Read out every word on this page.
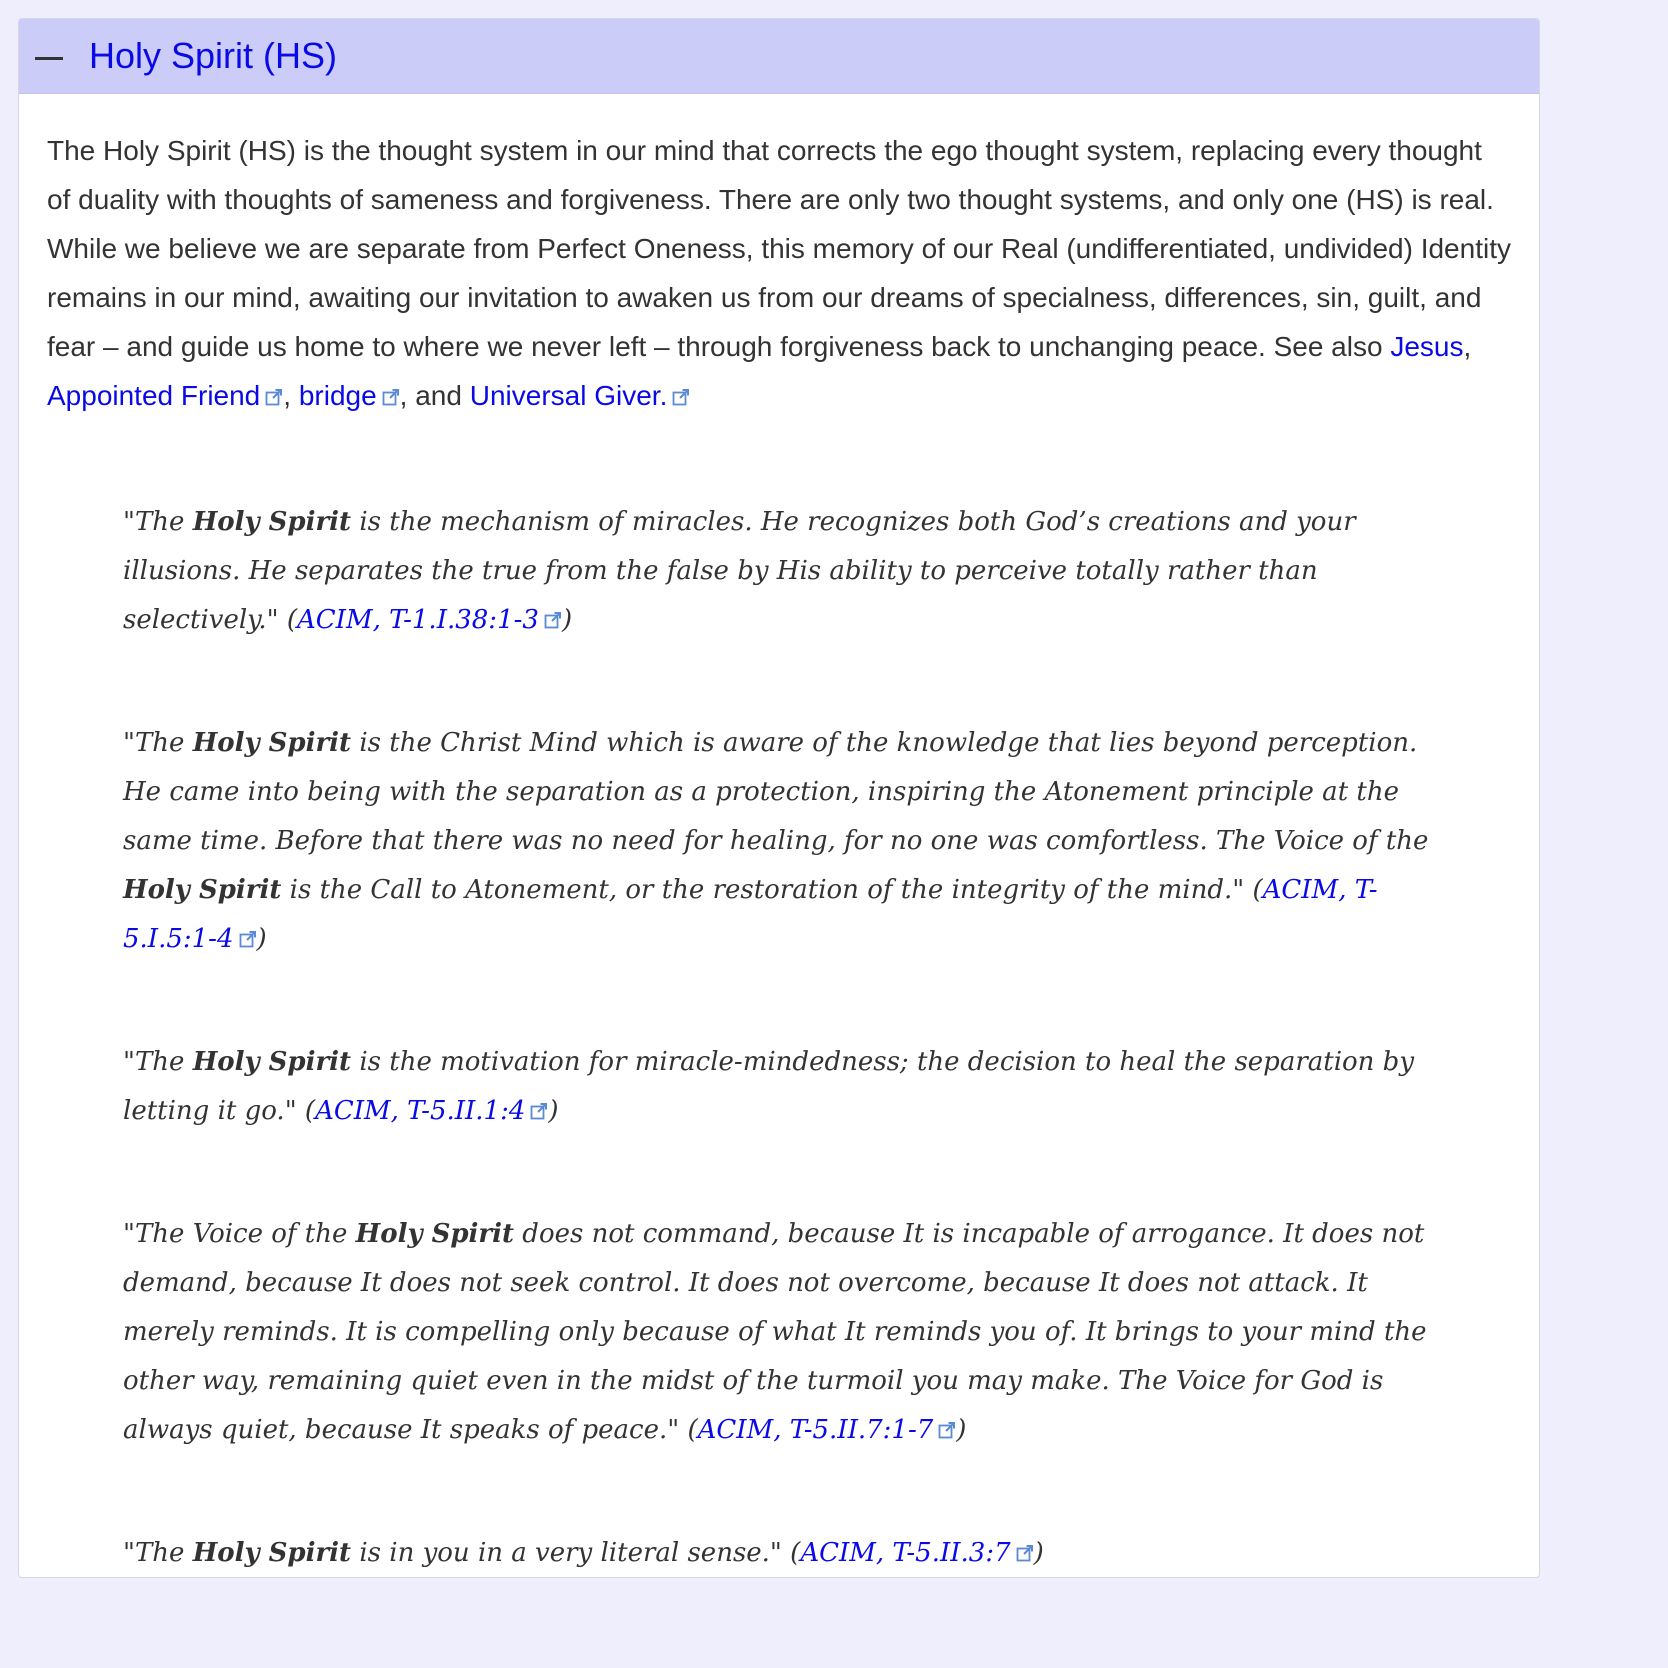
Holy Spirit (HS)

The Holy Spirit (HS) is the thought system in our mind that corrects the ego thought system, replacing every thought of duality with thoughts of sameness and forgiveness. There are only two thought systems, and only one (HS) is real. While we believe we are separate from Perfect Oneness, this memory of our Real (undifferentiated, undivided) Identity remains in our mind, awaiting our invitation to awaken us from our dreams of specialness, differences, sin, guilt, and fear – and guide us home to where we never left – through forgiveness back to unchanging peace. See also Jesus, Appointed Friend , bridge , and Universal Giver.

"The Holy Spirit is the mechanism of miracles. He recognizes both God’s creations and your illusions. He separates the true from the false by His ability to perceive totally rather than selectively." (ACIM, T-1.I.38:1-3 )

"The Holy Spirit is the Christ Mind which is aware of the knowledge that lies beyond perception. He came into being with the separation as a protection, inspiring the Atonement principle at the same time. Before that there was no need for healing, for no one was comfortless. The Voice of the Holy Spirit is the Call to Atonement, or the restoration of the integrity of the mind." (ACIM, T-5.I.5:1-4 )

"The Holy Spirit is the motivation for miracle-mindedness; the decision to heal the separation by letting it go." (ACIM, T-5.II.1:4 )

"The Voice of the Holy Spirit does not command, because It is incapable of arrogance. It does not demand, because It does not seek control. It does not overcome, because It does not attack. It merely reminds. It is compelling only because of what It reminds you of. It brings to your mind the other way, remaining quiet even in the midst of the turmoil you may make. The Voice for God is always quiet, because It speaks of peace." (ACIM, T-5.II.7:1-7 )

"The Holy Spirit is in you in a very literal sense." (ACIM, T-5.II.3:7 )
